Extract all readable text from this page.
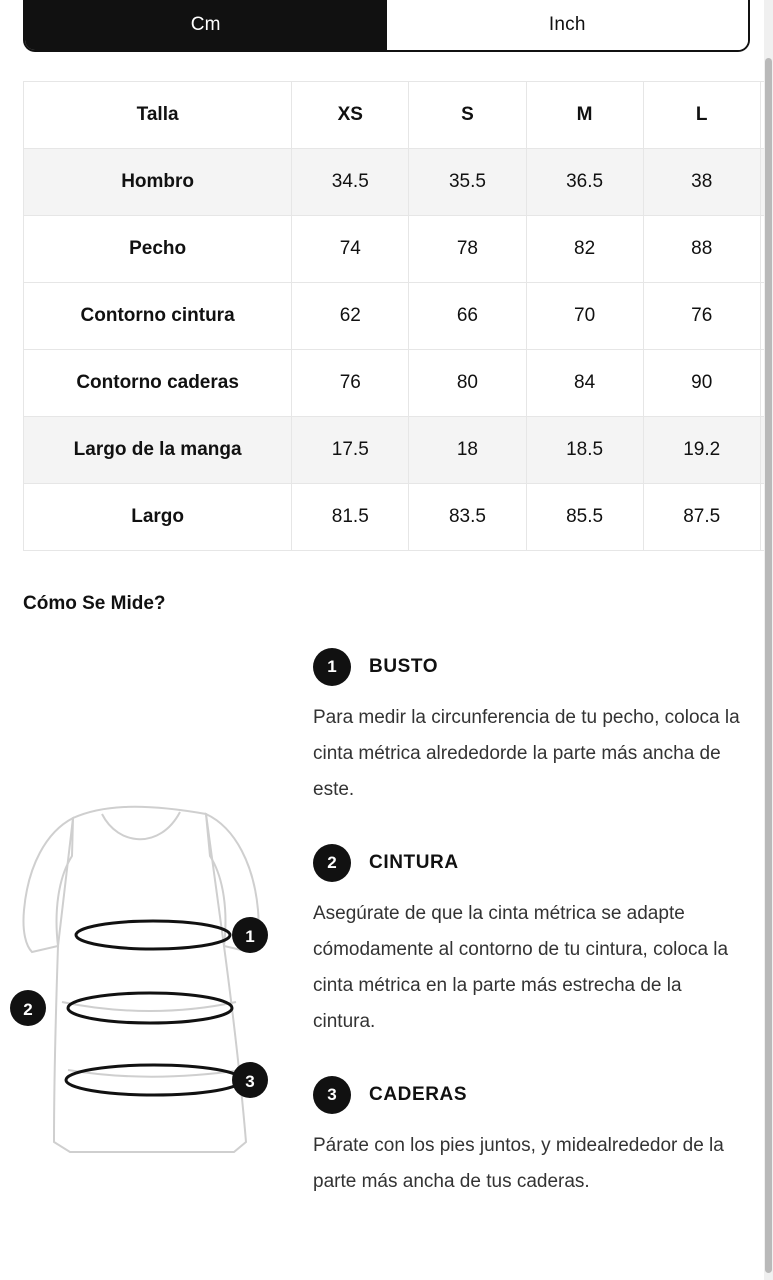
Cm	Inch
Talla	XS	S	M	L	
Hombro	34.5	35.5	36.5	38	
Pecho	74	78	82	88	
Contorno cintura	62	66	70	76	
Contorno caderas	76	80	84	90	
Largo de la manga	17.5	18	18.5	19.2	
Largo	81.5	83.5	85.5	87.5	
Cómo Se Mide?
1
2
3
1	BUSTO
Para medir la circunferencia de tu pecho, coloca la cinta métrica alrededorde la parte más ancha de este.
2	CINTURA
Asegúrate de que la cinta métrica se adapte cómodamente al contorno de tu cintura, coloca la cinta métrica en la parte más estrecha de la cintura.
3	CADERAS
Párate con los pies juntos, y midealrededor de la parte más ancha de tus caderas.
